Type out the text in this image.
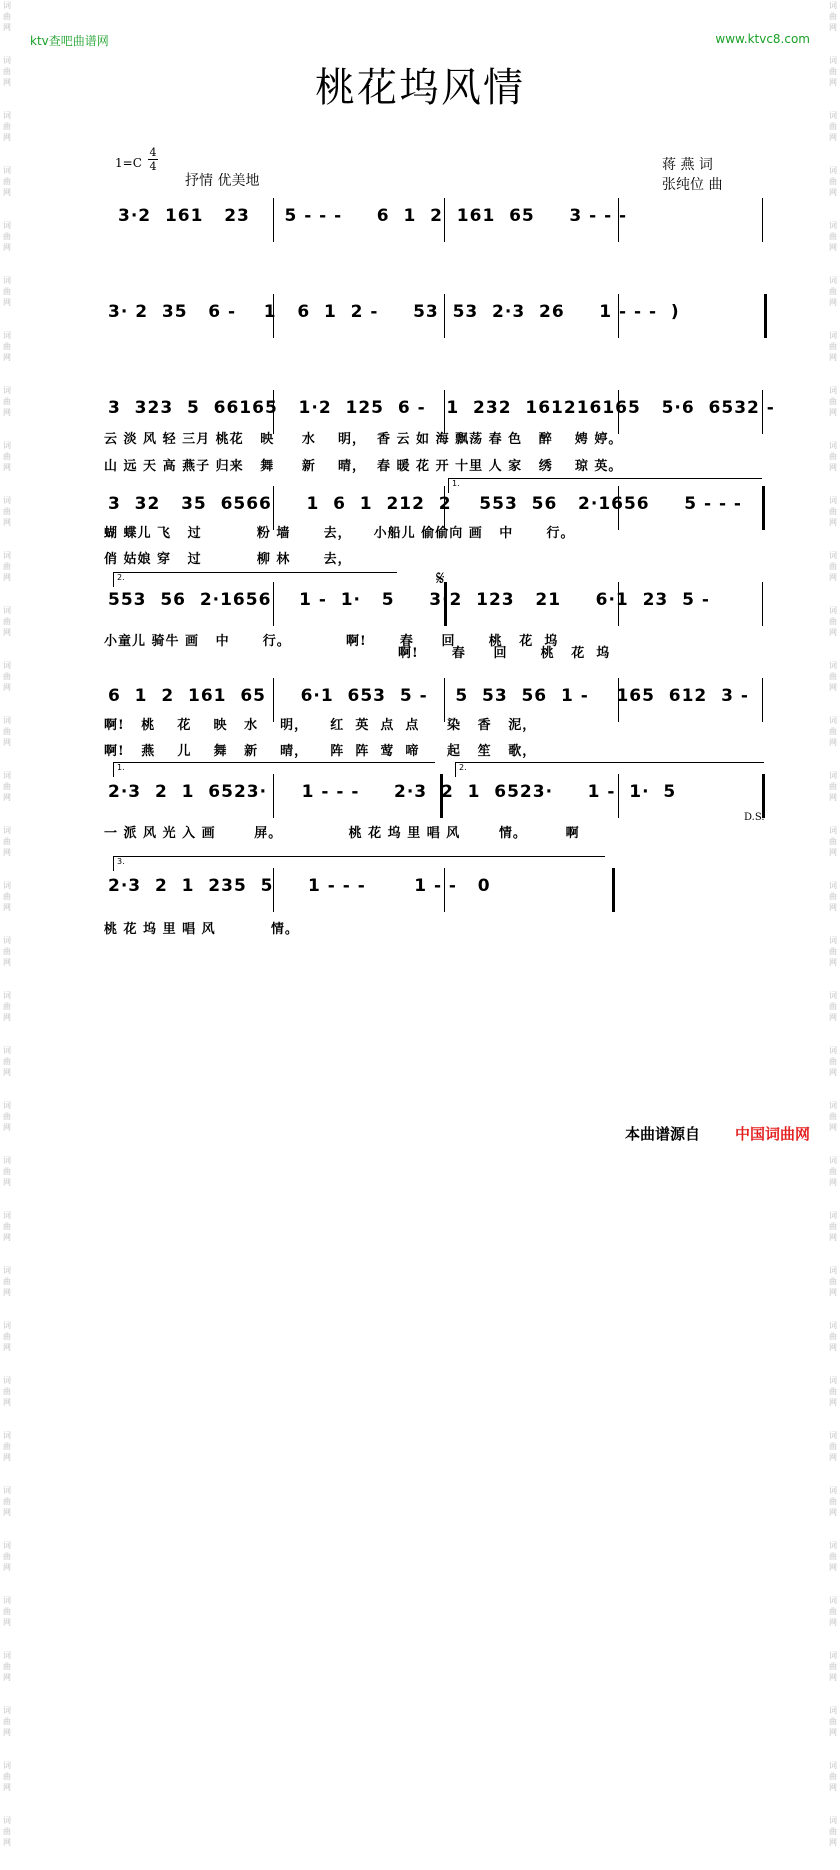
词
曲
网
词
曲
网
词
曲
网
词
曲
网
词
曲
网
词
曲
网
词
曲
网
词
曲
网
词
曲
网
词
曲
网
词
曲
网
词
曲
网
词
曲
网
词
曲
网
词
曲
网
词
曲
网
词
曲
网
词
曲
网
词
曲
网
词
曲
网
词
曲
网
词
曲
网
词
曲
网
词
曲
网
词
曲
网
词
曲
网
词
曲
网
词
曲
网
词
曲
网
词
曲
网
词
曲
网
词
曲
网
词
曲
网
词
曲
网
词
曲
网
词
曲
网
词
曲
网
词
曲
网
词
曲
网
词
曲
网
词
曲
网
词
曲
网
词
曲
网
词
曲
网
词
曲
网
词
曲
网
词
曲
网
词
曲
网
词
曲
网
词
曲
网
词
曲
网
词
曲
网
词
曲
网
词
曲
网
词
曲
网
词
曲
网
词
曲
网
词
曲
网
词
曲
网
词
曲
网
词
曲
网
词
曲
网
词
曲
网
词
曲
网
词
曲
网
词
曲
网
词
曲
网
词
曲
网
ktv查吧曲谱网	www.ktvc8.com
桃花坞风情
1=C
4
4
抒情 优美地
蒋 燕 词
张纯位 曲
3·2  161   23     5 - - -     6  1  2  161  65     3 - - -
3· 2  35   6 -    1   6  1  2 -     53  53  2·3  26     1 - - -  )
3  323  5  66165   1·2  125  6 -   1  232  161216165   5·6  6532 -
云 淡 风 轻 三月 桃花   映     水    明，  香 云 如 海 飘荡 春 色   醉    娉 婷。
山 远 天 高 燕子 归来   舞     新    晴，  春 暖 花 开 十里 人 家   绣    琼 英。
1.
3  32   35  6566     1  6  1  212  2    553  56   2·1656     5 - - -
蝴 蝶儿 飞   过          粉 墙      去，    小船儿 偷偷向 画   中      行。
俏 姑娘 穿   过          柳 林      去，
2.	𝄋
553  56  2·1656    1 -  1·   5     3·2  123   21     6·1  23  5 -
小童儿 骑牛 画   中      行。          啊!      春     回      桃   花  坞
啊!      春     回      桃   花  坞
6  1  2  161  65     6·1  653  5 -    5  53  56  1 -    165  612  3 -
啊!   桃    花    映   水    明，    红  英  点  点     染   香   泥，
啊!   燕    儿    舞   新    晴，    阵  阵  莺  啼     起   笙   歌，
1.	2.
2·3  2  1  6523·     1 - - -     2·3  2  1  6523·     1 -  1·  5
D.S.
一 派 风 光 入 画       屏。            桃 花 坞 里 唱 风       情。       啊
3.
2·3  2  1  235  5     1 - - -       1 - -   0
桃 花 坞 里 唱 风          情。
本曲谱源自 中国词曲网
